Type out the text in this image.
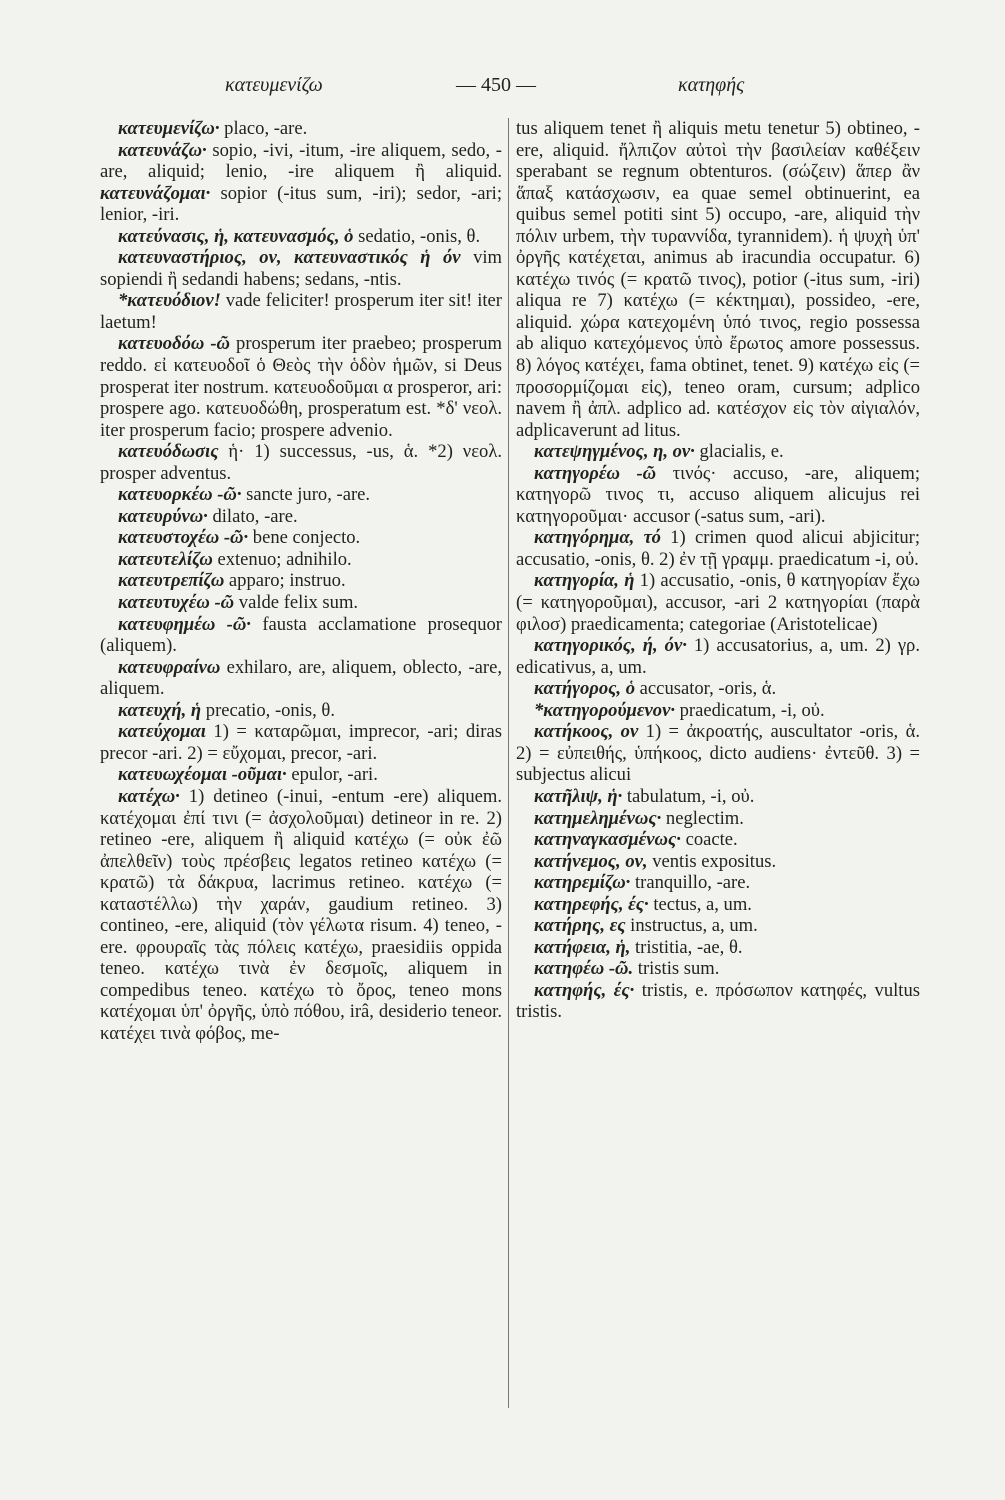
κατευμενίζω	— 450 —	κατηφής

κατευμενίζω· placo, -are.

κατευνάζω· sopio, -ivi, -itum, -ire aliquem, sedo, -are, aliquid; lenio, -ire aliquem ἢ aliquid. κατευνάζομαι· sopior (-itus sum, -iri); sedor, -ari; lenior, -iri.

κατεύνασις, ἡ, κατευνασμός, ὁ sedatio, -onis, θ.

κατευναστήριος, ον, κατευναστικός ἡ όν vim sopiendi ἢ sedandi habens; sedans, -ntis.

*κατευόδιον! vade feliciter! prosperum iter sit! iter laetum!

κατευοδόω -ῶ prosperum iter praebeo; prosperum reddo. εἰ κατευοδοῖ ὁ Θεὸς τὴν ὁδὸν ἡμῶν, si Deus prosperat iter nostrum. κατευοδοῦμαι α prosperor, ari: prospere ago. κατευοδώθη, prosperatum est. *δ' νεολ. iter prosperum facio; prospere advenio.

κατευόδωσις ἡ· 1) successus, -us, ἁ. *2) νεολ. prosper adventus.

κατευορκέω -ῶ· sancte juro, -are.

κατευρύνω· dilato, -are.

κατευστοχέω -ῶ· bene conjecto.

κατευτελίζω extenuo; adnihilo.

κατευτρεπίζω apparo; instruo.

κατευτυχέω -ῶ valde felix sum.

κατευφημέω -ῶ· fausta acclamatione prosequor (aliquem).

κατευφραίνω exhilaro, are, aliquem, oblecto, -are, aliquem.

κατευχή, ἡ precatio, -onis, θ.

κατεύχομαι 1) = καταρῶμαι, imprecor, -ari; diras precor -ari. 2) = εὔχομαι, precor, -ari.

κατευωχέομαι -οῦμαι· epulor, -ari.

κατέχω· 1) detineo (-inui, -entum -ere) aliquem. κατέχομαι ἐπί τινι (= ἀσχολοῦμαι) detineor in re. 2) retineo -ere, aliquem ἢ aliquid κατέχω (= οὐκ ἐῶ ἀπελθεῖν) τοὺς πρέσβεις legatos retineo κατέχω (= κρατῶ) τὰ δάκρυα, lacrimus retineo. κατέχω (= καταστέλλω) τὴν χαράν, gaudium retineo. 3) contineo, -ere, aliquid (τὸν γέλωτα risum. 4) teneo, -ere. φρουραῖς τὰς πόλεις κατέχω, praesidiis oppida teneo. κατέχω τινὰ ἐν δεσμοῖς, aliquem in compedibus teneo. κατέχω τὸ ὄρος, teneo mons κατέχομαι ὑπ' ὀργῆς, ὑπὸ πόθου, irâ, desiderio teneor. κατέχει τινὰ φόβος, me-

tus aliquem tenet ἢ aliquis metu tenetur 5) obtineo, -ere, aliquid. ἤλπιζον αὐτοὶ τὴν βασιλείαν καθέξειν sperabant se regnum obtenturos. (σώζειν) ἅπερ ἂν ἅπαξ κατάσχωσιν, ea quae semel obtinuerint, ea quibus semel potiti sint 5) occupo, -are, aliquid τὴν πόλιν urbem, τὴν τυραννίδα, tyrannidem). ἡ ψυχὴ ὑπ' ὀργῆς κατέχεται, animus ab iracundia occupatur. 6) κατέχω τινός (= κρατῶ τινος), potior (-itus sum, -iri) aliqua re 7) κατέχω (= κέκτημαι), possideo, -ere, aliquid. χώρα κατεχομένη ὑπό τινος, regio possessa ab aliquo κατεχόμενος ὑπὸ ἔρωτος amore possessus. 8) λόγος κατέχει, fama obtinet, tenet. 9) κατέχω εἰς (= προσορμίζομαι εἰς), teneo oram, cursum; adplico navem ἢ ἀπλ. adplico ad. κατέσχον εἰς τὸν αἰγιαλόν, adplicaverunt ad litus.

κατεψηγμένος, η, ον· glacialis, e.

κατηγορέω -ῶ τινός· accuso, -are, aliquem; κατηγορῶ τινος τι, accuso aliquem alicujus rei κατηγοροῦμαι· accusor (-satus sum, -ari).

κατηγόρημα, τό 1) crimen quod alicui abjicitur; accusatio, -onis, θ. 2) ἐν τῇ γραμμ. praedicatum -i, οὐ.

κατηγορία, ἡ 1) accusatio, -onis, θ κατηγορίαν ἔχω (= κατηγοροῦμαι), accusor, -ari 2 κατηγορίαι (παρὰ φιλοσ) praedicamenta; categoriae (Aristotelicae)

κατηγορικός, ή, όν· 1) accusatorius, a, um. 2) γρ. edicativus, a, um.

κατήγορος, ὁ accusator, -oris, ἁ.

*κατηγορούμενον· praedicatum, -i, οὐ.

κατήκοος, ον 1) = ἀκροατής, auscultator -oris, ἁ. 2) = εὐπειθής, ὑπήκοος, dicto audiens· ἐντεῦθ. 3) = subjectus alicui

κατῆλιψ, ἡ· tabulatum, -i, οὐ.

κατημελημένως· neglectim.

κατηναγκασμένως· coacte.

κατήνεμος, ον, ventis expositus.

κατηρεμίζω· tranquillo, -are.

κατηρεφής, ές· tectus, a, um.

κατήρης, ες instructus, a, um.

κατήφεια, ἡ, tristitia, -ae, θ.

κατηφέω -ῶ. tristis sum.

κατηφής, ές· tristis, e. πρόσωπον κατηφές, vultus tristis.
